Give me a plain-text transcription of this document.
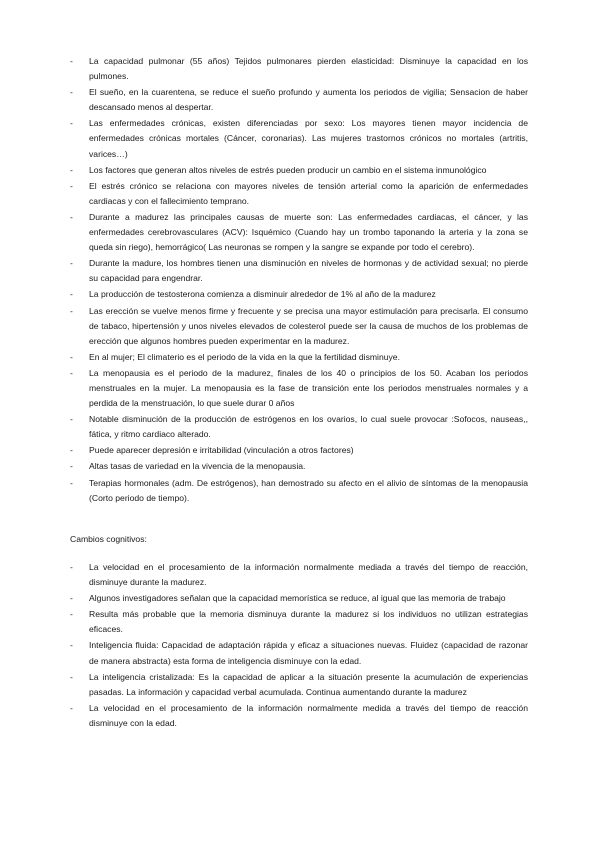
- La capacidad pulmonar (55 años) Tejidos pulmonares pierden elasticidad: Disminuye la capacidad en los pulmones.
- El sueño, en la cuarentena, se reduce el sueño profundo y aumenta los periodos de vigilia; Sensacion de haber descansado menos al despertar.
- Las enfermedades crónicas, existen diferenciadas por sexo: Los mayores tienen mayor incidencia de enfermedades crónicas mortales (Cáncer, coronarias). Las mujeres trastornos crónicos no mortales (artritis, varices…)
- Los factores que generan altos niveles de estrés pueden producir un cambio en el sistema inmunológico
- El estrés crónico se relaciona con mayores niveles de tensión arterial como la aparición de enfermedades cardiacas y con el fallecimiento temprano.
- Durante a madurez las principales causas de muerte son: Las enfermedades cardiacas, el cáncer, y las enfermedades cerebrovasculares (ACV): Isquémico (Cuando hay un trombo taponando la arteria y la zona se queda sin riego), hemorrágico( Las neuronas se rompen y la sangre se expande por todo el cerebro).
- Durante la madure, los hombres tienen una disminución en niveles de hormonas y de actividad sexual; no pierde su capacidad para engendrar.
- La producción de testosterona comienza a disminuir alrededor de 1% al año de la madurez
- Las erección se vuelve menos firme y frecuente y se precisa una mayor estimulación para precisarla. El consumo de tabaco, hipertensión y unos niveles elevados de colesterol puede ser la causa de muchos de los problemas de erección que algunos hombres pueden experimentar en la madurez.
- En al mujer; El climaterio es el periodo de la vida en la que la fertilidad disminuye.
- La menopausia es el periodo de la madurez, finales de los 40 o principios de los 50. Acaban los periodos menstruales en la mujer. La menopausia es la fase de transición ente los periodos menstruales normales y a perdida de la menstruación, lo que suele durar 0 años
- Notable disminución de la producción de estrógenos en los ovarios, lo cual suele provocar :Sofocos, nauseas,, fática, y ritmo cardiaco alterado.
- Puede aparecer depresión e irritabilidad (vinculación a otros factores)
- Altas tasas de variedad en la vivencia de la menopausia.
- Terapias hormonales (adm. De estrógenos), han demostrado su afecto en el alivio de síntomas de la menopausia (Corto periodo de tiempo).

Cambios cognitivos:

- La velocidad en el procesamiento de la información normalmente mediada a través del tiempo de reacción, disminuye durante la madurez.
- Algunos investigadores señalan que la capacidad memorística se reduce, al igual que las memoria de trabajo
- Resulta más probable que la memoria disminuya durante la madurez si los individuos no utilizan estrategias eficaces.
- Inteligencia fluida: Capacidad de adaptación rápida y eficaz a situaciones nuevas. Fluidez (capacidad de razonar de manera abstracta) esta forma de inteligencia disminuye con la edad.
- La inteligencia cristalizada: Es la capacidad de aplicar a la situación presente la acumulación de experiencias pasadas. La información y capacidad verbal acumulada. Continua aumentando durante la madurez
- La velocidad en el procesamiento de la información normalmente medida a través del tiempo de reacción disminuye con la edad.
